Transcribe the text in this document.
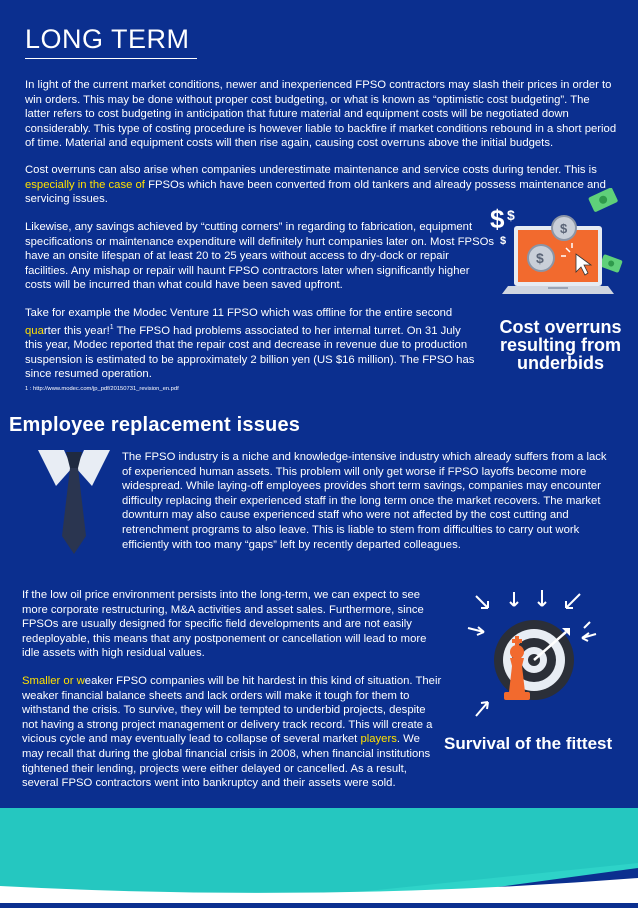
LONG TERM
In light of the current market conditions, newer and inexperienced FPSO contractors may slash their prices in order to win orders. This may be done without proper cost budgeting, or what is known as “optimistic cost budgeting”. The latter refers to cost budgeting in anticipation that future material and equipment costs will be negotiated down considerably. This type of costing procedure is however liable to backfire if market conditions rebound in a short period of time. Material and equipment costs will then rise again, causing cost overruns above the initial budgets.
Cost overruns can also arise when companies underestimate maintenance and service costs during tender. This is especially in the case of FPSOs which have been converted from old tankers and already possess maintenance and servicing issues.
Likewise, any savings achieved by “cutting corners” in regarding to fabrication, equipment specifications or maintenance expenditure will definitely hurt companies later on. Most FPSOs have an onsite lifespan of at least 20 to 25 years without access to dry-dock or repair facilities. Any mishap or repair will haunt FPSO contractors later when significantly higher costs will be incurred than what could have been saved upfront.
Take for example the Modec Venture 11 FPSO which was offline for the entire second quarter this year!$^1$ The FPSO had problems associated to her internal turret. On 31 July this year, Modec reported that the repair cost and decrease in revenue due to production suspension is estimated to be approximately 2 billion yen (US $16 million). The FPSO has since resumed operation.
1 : http://www.modec.com/jp_pdf/20150731_revision_en.pdf
$ $
$
$
$
Cost overruns
resulting from
underbids
Employee replacement issues
The FPSO industry is a niche and knowledge-intensive industry which already suffers from a lack of experienced human assets. This problem will only get worse if FPSO layoffs become more widespread. While laying-off employees provides short term savings, companies may encounter difficulty replacing their experienced staff in the long term once the market recovers. The market downturn may also cause experienced staff who were not affected by the cost cutting and retrenchment programs to also leave. This is liable to stem from difficulties to carry out work efficiently with too many “gaps” left by recently departed colleagues.
If the low oil price environment persists into the long-term, we can expect to see more corporate restructuring, M&A activities and asset sales. Furthermore, since FPSOs are usually designed for specific field developments and are not easily redeployable, this means that any postponement or cancellation will lead to more idle assets with high residual values.
Smaller or weaker FPSO companies will be hit hardest in this kind of situation. Their weaker financial balance sheets and lack orders will make it tough for them to withstand the crisis. To survive, they will be tempted to underbid projects, despite not having a strong project management or delivery track record. This will create a vicious cycle and may eventually lead to collapse of several market players. We may recall that during the global financial crisis in 2008, when financial institutions tightened their lending, projects were either delayed or cancelled. As a result, several FPSO contractors went into bankruptcy and their assets were sold.
Survival of the fittest
